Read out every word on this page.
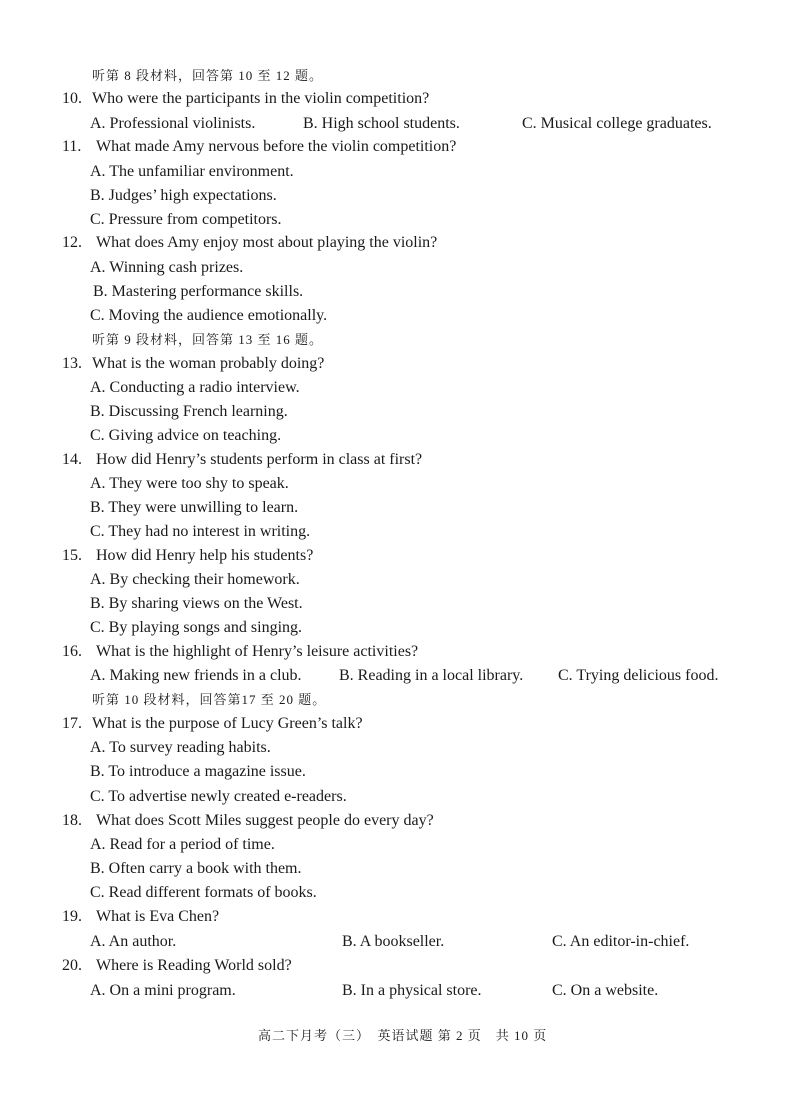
听第 8 段材料，回答第 10 至 12 题。
10. Who were the participants in the violin competition?
A. Professional violinists.	B. High school students.	C. Musical college graduates.
11. What made Amy nervous before the violin competition?
A. The unfamiliar environment.
B. Judges’ high expectations.
C. Pressure from competitors.
12. What does Amy enjoy most about playing the violin?
A. Winning cash prizes.
B. Mastering performance skills.
C. Moving the audience emotionally.
听第 9 段材料，回答第 13 至 16 题。
13. What is the woman probably doing?
A. Conducting a radio interview.
B. Discussing French learning.
C. Giving advice on teaching.
14. How did Henry’s students perform in class at first?
A. They were too shy to speak.
B. They were unwilling to learn.
C. They had no interest in writing.
15. How did Henry help his students?
A. By checking their homework.
B. By sharing views on the West.
C. By playing songs and singing.
16. What is the highlight of Henry’s leisure activities?
A. Making new friends in a club. B. Reading in a local library. C. Trying delicious food.
听第 10 段材料，回答第17 至 20 题。
17. What is the purpose of Lucy Green’s talk?
A. To survey reading habits.
B. To introduce a magazine issue.
C. To advertise newly created e-readers.
18. What does Scott Miles suggest people do every day?
A. Read for a period of time.
B. Often carry a book with them.
C. Read different formats of books.
19. What is Eva Chen?
A. An author.	B. A bookseller.	C. An editor-in-chief.
20. Where is Reading World sold?
A. On a mini program.	B. In a physical store.	C. On a website.
高二下月考（三）　英语试题 第 2 页　共 10 页
